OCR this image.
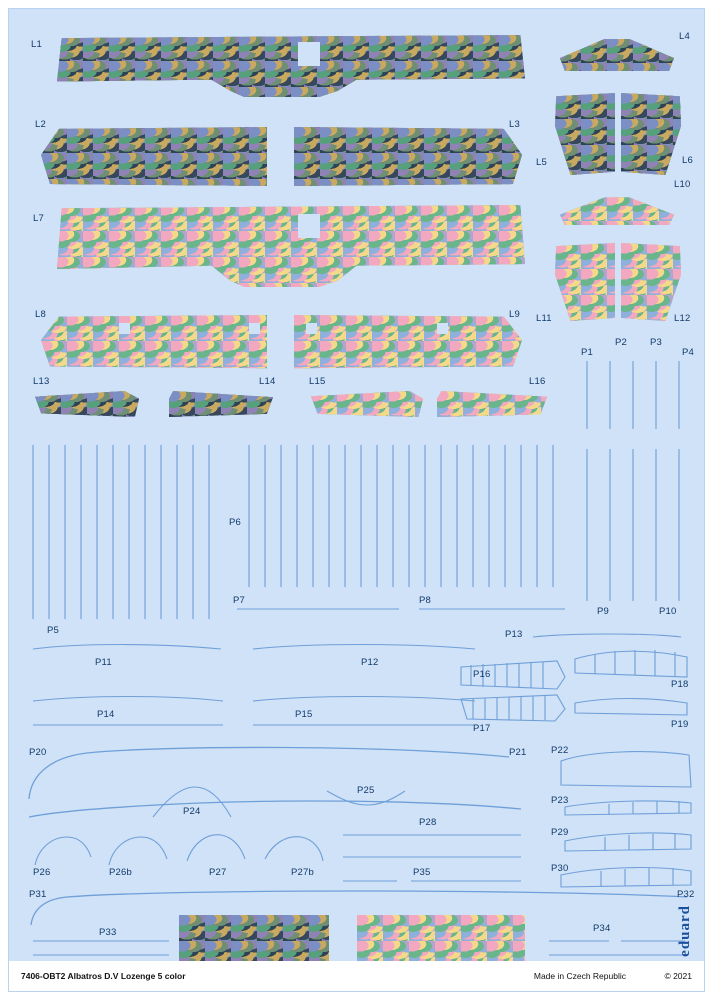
L1
L2	L3
L4
L5	L6
L7
L8	L9
L10
L11	L12
L13	L14	L15	L16
P1
P2 P3
P4
P5
P6
P7	P8
P9	P10
P11	P12
P13
P14	P15
P16
P17
P18
P19
P20	P21	P22
P23
P24
P25
P26	P26b	P27	P27b
P28
P29
P30
P31	P32
P33	P34
P35
eduard
7406-OBT2 Albatros D.V Lozenge 5 color	Made in Czech Republic	© 2021
